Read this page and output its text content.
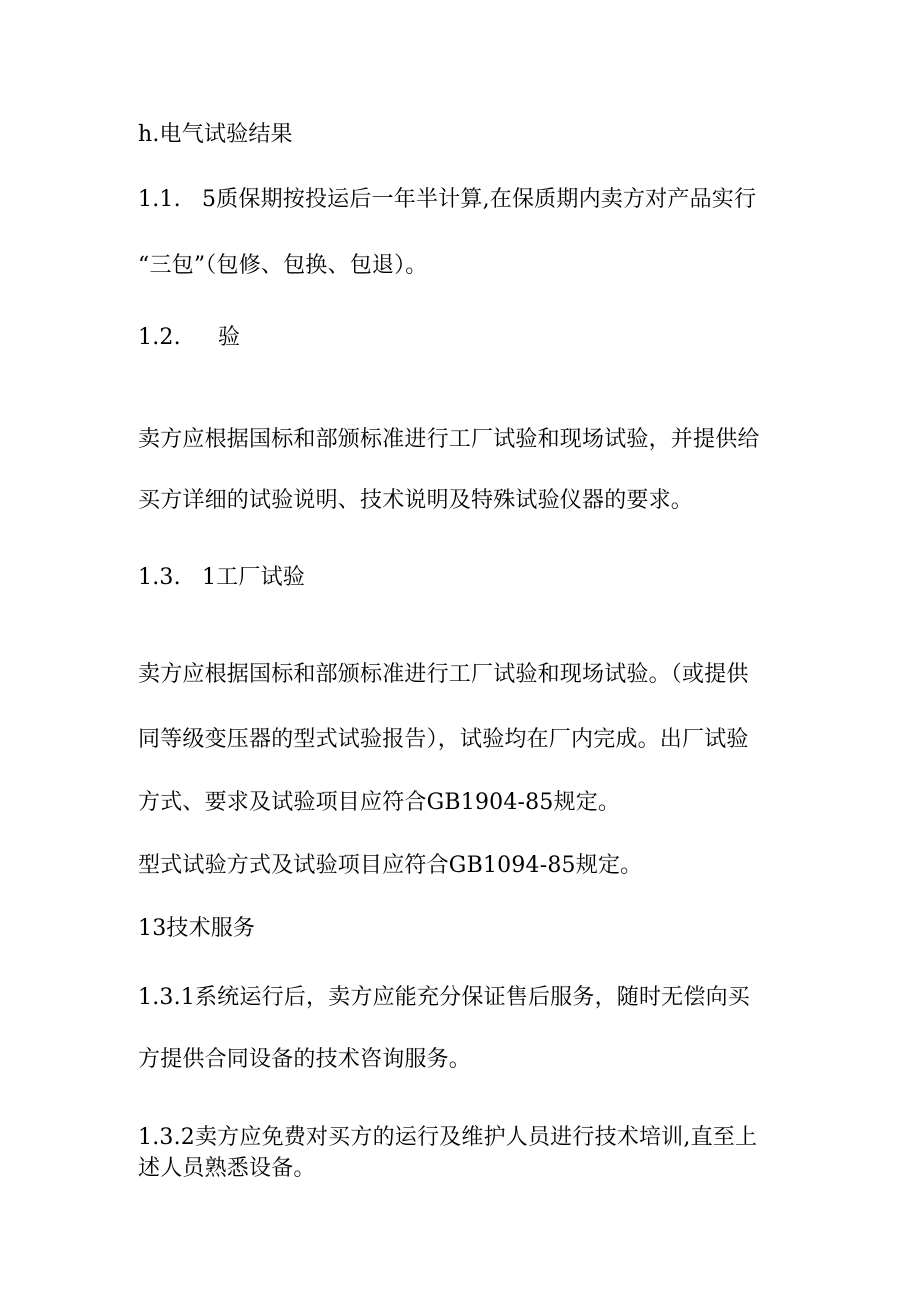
h.电气试验结果
1.1. 5质保期按投运后一年半计算,在保质期内卖方对产品实行
“三包”（包修、包换、包退）。
1.2. 验
卖方应根据国标和部颁标准进行工厂试验和现场试验，并提供给
买方详细的试验说明、技术说明及特殊试验仪器的要求。
1.3. 1工厂试验
卖方应根据国标和部颁标准进行工厂试验和现场试验。（或提供
同等级变压器的型式试验报告），试验均在厂内完成。出厂试验
方式、要求及试验项目应符合GB1904-85规定。
型式试验方式及试验项目应符合GB1094-85规定。
13技术服务
1.3.1系统运行后，卖方应能充分保证售后服务，随时无偿向买
方提供合同设备的技术咨询服务。
1.3.2卖方应免费对买方的运行及维护人员进行技术培训,直至上
述人员熟悉设备。
